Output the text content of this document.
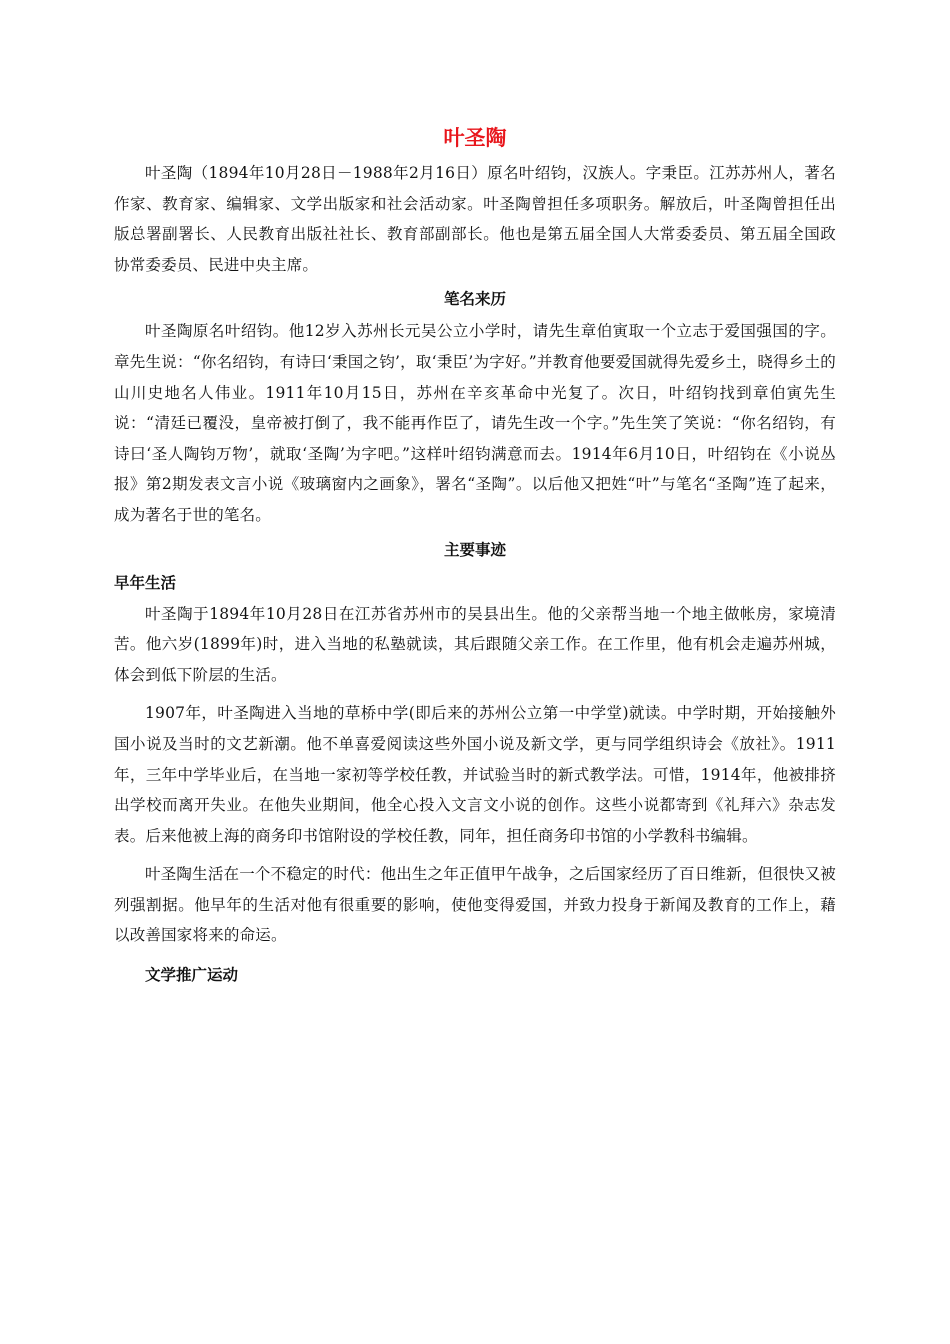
叶圣陶

叶圣陶（1894年10月28日－1988年2月16日）原名叶绍钧，汉族人。字秉臣。江苏苏州人，著名作家、教育家、编辑家、文学出版家和社会活动家。叶圣陶曾担任多项职务。解放后，叶圣陶曾担任出版总署副署长、人民教育出版社社长、教育部副部长。他也是第五届全国人大常委委员、第五届全国政协常委委员、民进中央主席。

笔名来历

叶圣陶原名叶绍钧。他12岁入苏州长元吴公立小学时，请先生章伯寅取一个立志于爱国强国的字。章先生说：“你名绍钧，有诗曰‘秉国之钧’，取‘秉臣’为字好。”并教育他要爱国就得先爱乡土，晓得乡土的山川史地名人伟业。1911年10月15日，苏州在辛亥革命中光复了。次日，叶绍钧找到章伯寅先生说：“清廷已覆没，皇帝被打倒了，我不能再作臣了，请先生改一个字。”先生笑了笑说：“你名绍钧，有诗曰‘圣人陶钧万物’，就取‘圣陶’为字吧。”这样叶绍钧满意而去。1914年6月10日，叶绍钧在《小说丛报》第2期发表文言小说《玻璃窗内之画象》，署名“圣陶”。以后他又把姓“叶”与笔名“圣陶”连了起来，成为著名于世的笔名。

主要事迹
早年生活

叶圣陶于1894年10月28日在江苏省苏州市的吴县出生。他的父亲帮当地一个地主做帐房，家境清苦。他六岁(1899年)时，进入当地的私塾就读，其后跟随父亲工作。在工作里，他有机会走遍苏州城，体会到低下阶层的生活。

1907年，叶圣陶进入当地的草桥中学(即后来的苏州公立第一中学堂)就读。中学时期，开始接触外国小说及当时的文艺新潮。他不单喜爱阅读这些外国小说及新文学，更与同学组织诗会《放社》。1911年，三年中学毕业后，在当地一家初等学校任教，并试验当时的新式教学法。可惜，1914年，他被排挤出学校而离开失业。在他失业期间，他全心投入文言文小说的创作。这些小说都寄到《礼拜六》杂志发表。后来他被上海的商务印书馆附设的学校任教，同年，担任商务印书馆的小学教科书编辑。

叶圣陶生活在一个不稳定的时代：他出生之年正值甲午战争，之后国家经历了百日维新，但很快又被列强割据。他早年的生活对他有很重要的影响，使他变得爱国，并致力投身于新闻及教育的工作上，藉以改善国家将来的命运。

文学推广运动
